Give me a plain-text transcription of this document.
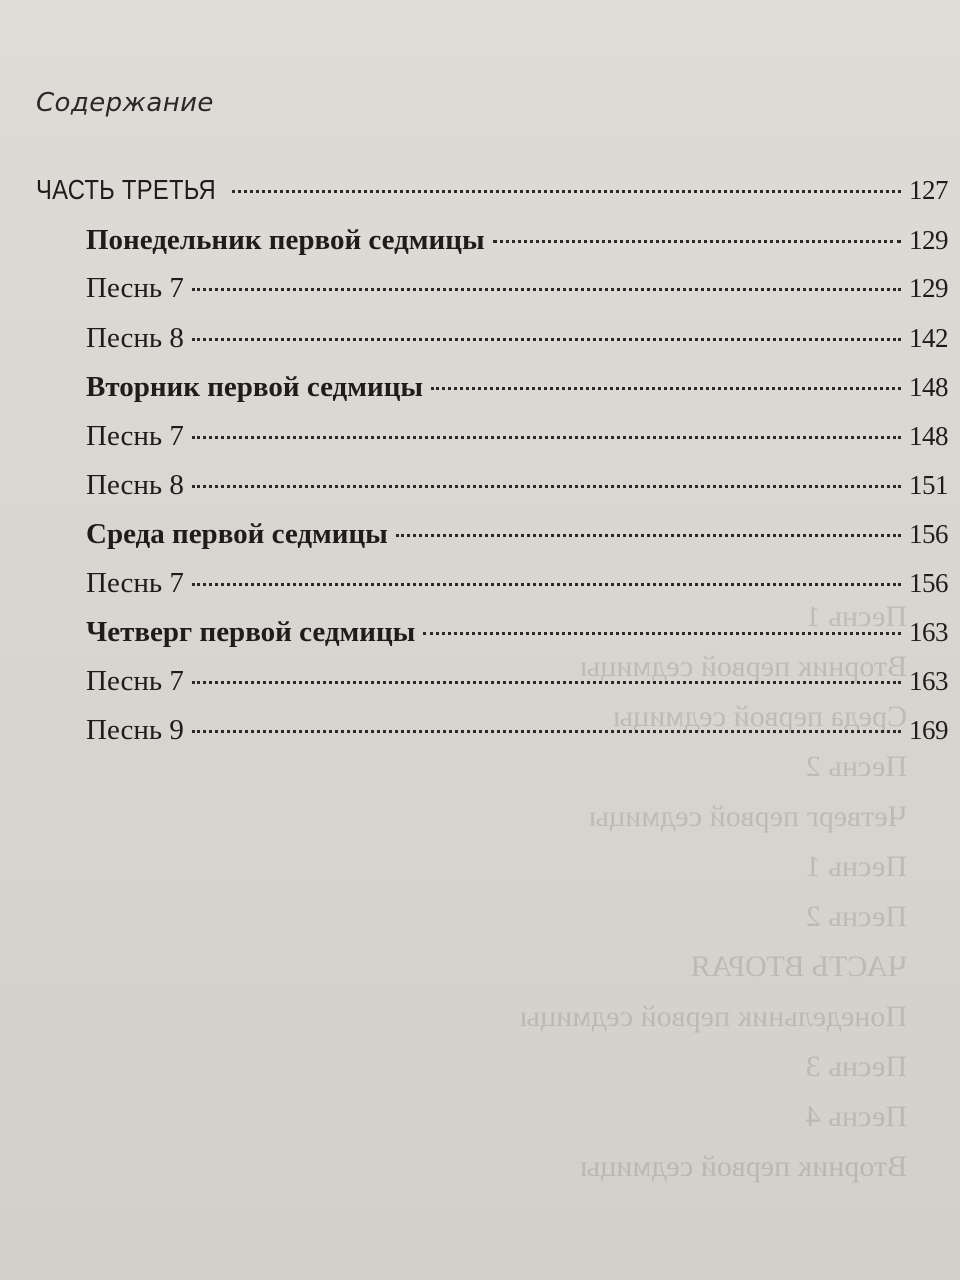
Песнь 1
Вторник первой седмицы
Среда первой седмицы
Песнь 2
Четверг первой седмицы
Песнь 1
Песнь 2
ЧАСТЬ ВТОРАЯ
Понедельник первой седмицы
Песнь 3
Песнь 4
Вторник первой седмицы
Содержание
ЧАСТЬ ТРЕТЬЯ	127
Понедельник первой седмицы	129
Песнь 7	129
Песнь 8	142
Вторник первой седмицы	148
Песнь 7	148
Песнь 8	151
Среда первой седмицы	156
Песнь 7	156
Четверг первой седмицы	163
Песнь 7	163
Песнь 9	169
